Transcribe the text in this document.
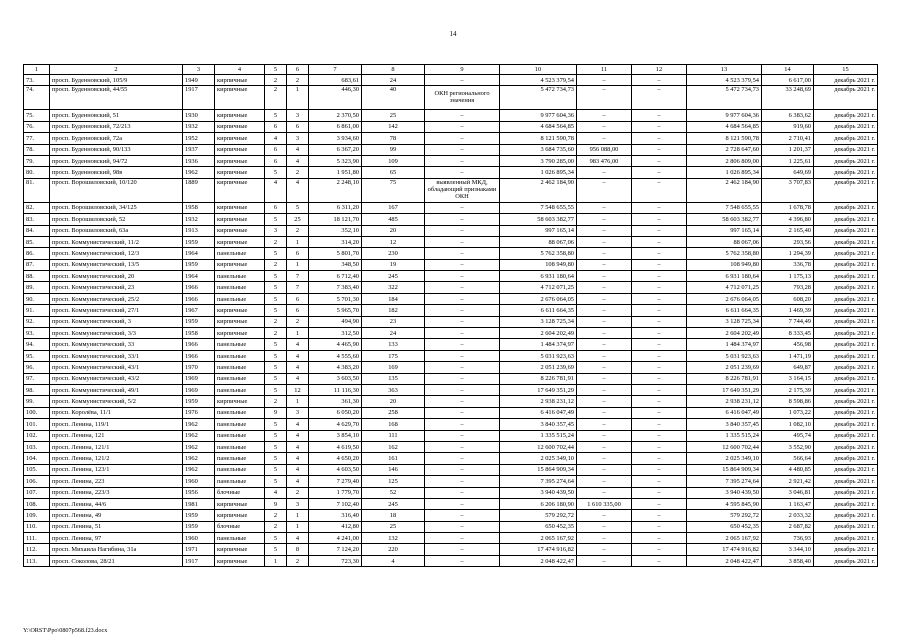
14
1	2	3	4	5	6	7	8	9	10	11	12	13	14	15
73.	просп. Буденновский, 105/9	1949	кирпичные	2	2	683,61	24	–	4 523 379,54	–	–	4 523 379,54	6 617,00	декабрь 2021 г.
74.	просп. Буденновский, 44/55	1917	кирпичные	2	1	446,30	40	ОКН регионального значения	5 472 734,73	–	–	5 472 734,73	33 248,69	декабрь 2021 г.
75.	просп. Буденновский, 51	1930	кирпичные	5	3	2 370,50	25	–	9 977 604,36	–	–	9 977 604,36	6 383,62	декабрь 2021 г.
76.	просп. Буденновский, 72/213	1932	кирпичные	6	6	6 861,00	142	–	4 684 564,85	–	–	4 684 564,85	919,60	декабрь 2021 г.
77.	просп. Буденновский, 72а	1952	кирпичные	4	3	3 934,60	78	–	8 121 590,78	–	–	8 121 590,78	2 710,41	декабрь 2021 г.
78.	просп. Буденновский, 90/133	1937	кирпичные	6	4	6 367,20	99	–	3 684 735,60	956 088,00	–	2 728 647,60	1 201,37	декабрь 2021 г.
79.	просп. Буденновский, 94/72	1936	кирпичные	6	4	5 323,90	109	–	3 790 285,00	983 476,00	–	2 806 809,00	1 225,61	декабрь 2021 г.
80.	просп. Буденновский, 98в	1962	кирпичные	5	2	1 951,80	65	–	1 026 895,34	–	–	1 026 895,34	649,69	декабрь 2021 г.
81.	просп. Ворошиловский, 10/120	1889	кирпичные	4	4	2 248,10	75	выявленный МКД, обладающий признаками ОКН	2 462 184,90	–	–	2 462 184,90	3 707,83	декабрь 2021 г.
82.	просп. Ворошиловский, 34/125	1958	кирпичные	6	5	6 311,20	167	–	7 548 655,55	–	–	7 548 655,55	1 678,78	декабрь 2021 г.
83.	просп. Ворошиловский, 52	1932	кирпичные	5	25	18 121,70	485	–	58 603 382,77	–	–	58 603 382,77	4 396,80	декабрь 2021 г.
84.	просп. Ворошиловский, 63а	1913	кирпичные	3	2	352,10	20	–	997 165,14	–	–	997 165,14	2 165,40	декабрь 2021 г.
85.	просп. Коммунистический, 11/2	1959	кирпичные	2	1	314,20	12	–	88 067,06	–	–	88 067,06	293,56	декабрь 2021 г.
86.	просп. Коммунистический, 12/3	1964	панельные	5	6	5 801,70	230	–	5 762 358,80	–	–	5 762 358,80	1 294,39	декабрь 2021 г.
87.	просп. Коммунистический, 13/5	1959	кирпичные	2	1	348,50	19	–	108 949,80	–	–	108 949,80	336,78	декабрь 2021 г.
88.	просп. Коммунистический, 20	1964	панельные	5	7	6 712,40	245	–	6 931 180,64	–	–	6 931 180,64	1 175,13	декабрь 2021 г.
89.	просп. Коммунистический, 23	1966	панельные	5	7	7 383,40	322	–	4 712 071,25	–	–	4 712 071,25	793,28	декабрь 2021 г.
90.	просп. Коммунистический, 25/2	1966	панельные	5	6	5 701,30	184	–	2 676 064,05	–	–	2 676 064,05	608,20	декабрь 2021 г.
91.	просп. Коммунистический, 27/1	1967	кирпичные	5	6	5 965,70	182	–	6 611 664,35	–	–	6 611 664,35	1 469,39	декабрь 2021 г.
92.	просп. Коммунистический, 3	1959	кирпичные	2	2	494,90	23	–	3 128 725,34	–	–	3 128 725,34	7 744,49	декабрь 2021 г.
93.	просп. Коммунистический, 3/3	1958	кирпичные	2	1	312,50	24	–	2 604 202,49	–	–	2 604 202,49	8 333,45	декабрь 2021 г.
94.	просп. Коммунистический, 33	1966	панельные	5	4	4 465,90	133	–	1 484 374,97	–	–	1 484 374,97	456,98	декабрь 2021 г.
95.	просп. Коммунистический, 33/1	1966	панельные	5	4	4 555,60	175	–	5 031 923,63	–	–	5 031 923,63	1 471,19	декабрь 2021 г.
96.	просп. Коммунистический, 43/1	1970	панельные	5	4	4 383,20	169	–	2 051 239,69	–	–	2 051 239,69	649,87	декабрь 2021 г.
97.	просп. Коммунистический, 43/2	1969	панельные	5	4	3 603,50	135	–	8 226 781,91	–	–	8 226 781,91	3 164,15	декабрь 2021 г.
98.	просп. Коммунистический, 49/1	1969	панельные	5	12	11 116,30	363	–	17 649 351,29	–	–	17 649 351,29	2 175,39	декабрь 2021 г.
99.	просп. Коммунистический, 5/2	1959	кирпичные	2	1	361,30	20	–	2 938 231,12	–	–	2 938 231,12	8 598,86	декабрь 2021 г.
100.	просп. Королёва, 11/1	1976	панельные	9	3	6 050,20	258	–	6 416 047,49	–	–	6 416 047,49	1 073,22	декабрь 2021 г.
101.	просп. Ленина, 119/1	1962	панельные	5	4	4 629,70	168	–	3 840 357,45	–	–	3 840 357,45	1 082,10	декабрь 2021 г.
102.	просп. Ленина, 121	1962	панельные	5	4	3 854,10	111	–	1 335 515,24	–	–	1 335 515,24	495,74	декабрь 2021 г.
103.	просп. Ленина, 121/1	1962	панельные	5	4	4 619,50	162	–	12 600 702,44	–	–	12 600 702,44	3 552,90	декабрь 2021 г.
104.	просп. Ленина, 121/2	1962	панельные	5	4	4 650,20	161	–	2 025 349,10	–	–	2 025 349,10	566,64	декабрь 2021 г.
105.	просп. Ленина, 123/1	1962	панельные	5	4	4 603,50	146	–	15 864 909,34	–	–	15 864 909,34	4 480,85	декабрь 2021 г.
106.	просп. Ленина, 223	1960	панельные	5	4	7 279,40	125	–	7 395 274,64	–	–	7 395 274,64	2 921,42	декабрь 2021 г.
107.	просп. Ленина, 223/3	1956	блочные	4	2	1 779,70	52	–	3 940 439,50	–	–	3 940 439,50	3 046,81	декабрь 2021 г.
108.	просп. Ленина, 44/6	1981	кирпичные	9	3	7 102,40	245	–	6 206 180,90	1 610 335,00	–	4 595 845,90	1 163,47	декабрь 2021 г.
109.	просп. Ленина, 49	1959	кирпичные	2	1	316,40	18	–	579 292,72	–	–	579 292,72	2 033,32	декабрь 2021 г.
110.	просп. Ленина, 51	1959	блочные	2	1	412,80	25	–	650 452,35	–	–	650 452,35	2 687,82	декабрь 2021 г.
111.	просп. Ленина, 97	1960	панельные	5	4	4 241,00	132	–	2 065 167,92	–	–	2 065 167,92	736,93	декабрь 2021 г.
112.	просп. Михаила Нагибина, 31а	1971	кирпичные	5	8	7 124,20	220	–	17 474 916,82	–	–	17 474 916,82	3 344,10	декабрь 2021 г.
113.	просп. Соколова, 28/21	1917	кирпичные	1	2	723,30	4	–	2 048 422,47	–	–	2 048 422,47	3 858,40	декабрь 2021 г.
Y:\ORST\Ppo\0807p568.f23.docx
